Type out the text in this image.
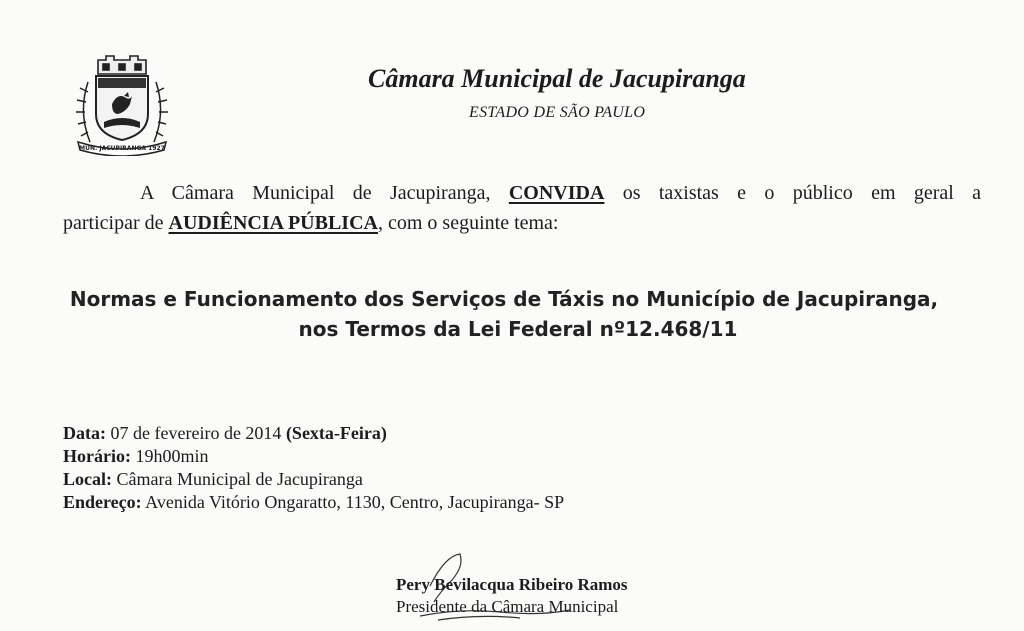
MUN. JACUPIRANGA 1927
Câmara Municipal de Jacupiranga
ESTADO DE SÃO PAULO
A Câmara Municipal de Jacupiranga, CONVIDA os taxistas e o público em geral a
participar de AUDIÊNCIA PÚBLICA, com o seguinte tema:
Normas e Funcionamento dos Serviços de Táxis no Município de Jacupiranga,
nos Termos da Lei Federal nº12.468/11
Data: 07 de fevereiro de 2014 (Sexta-Feira)
Horário: 19h00min
Local: Câmara Municipal de Jacupiranga
Endereço: Avenida Vitório Ongaratto, 1130, Centro, Jacupiranga- SP
Pery Bevilacqua Ribeiro Ramos
Presidente da Câmara Municipal
